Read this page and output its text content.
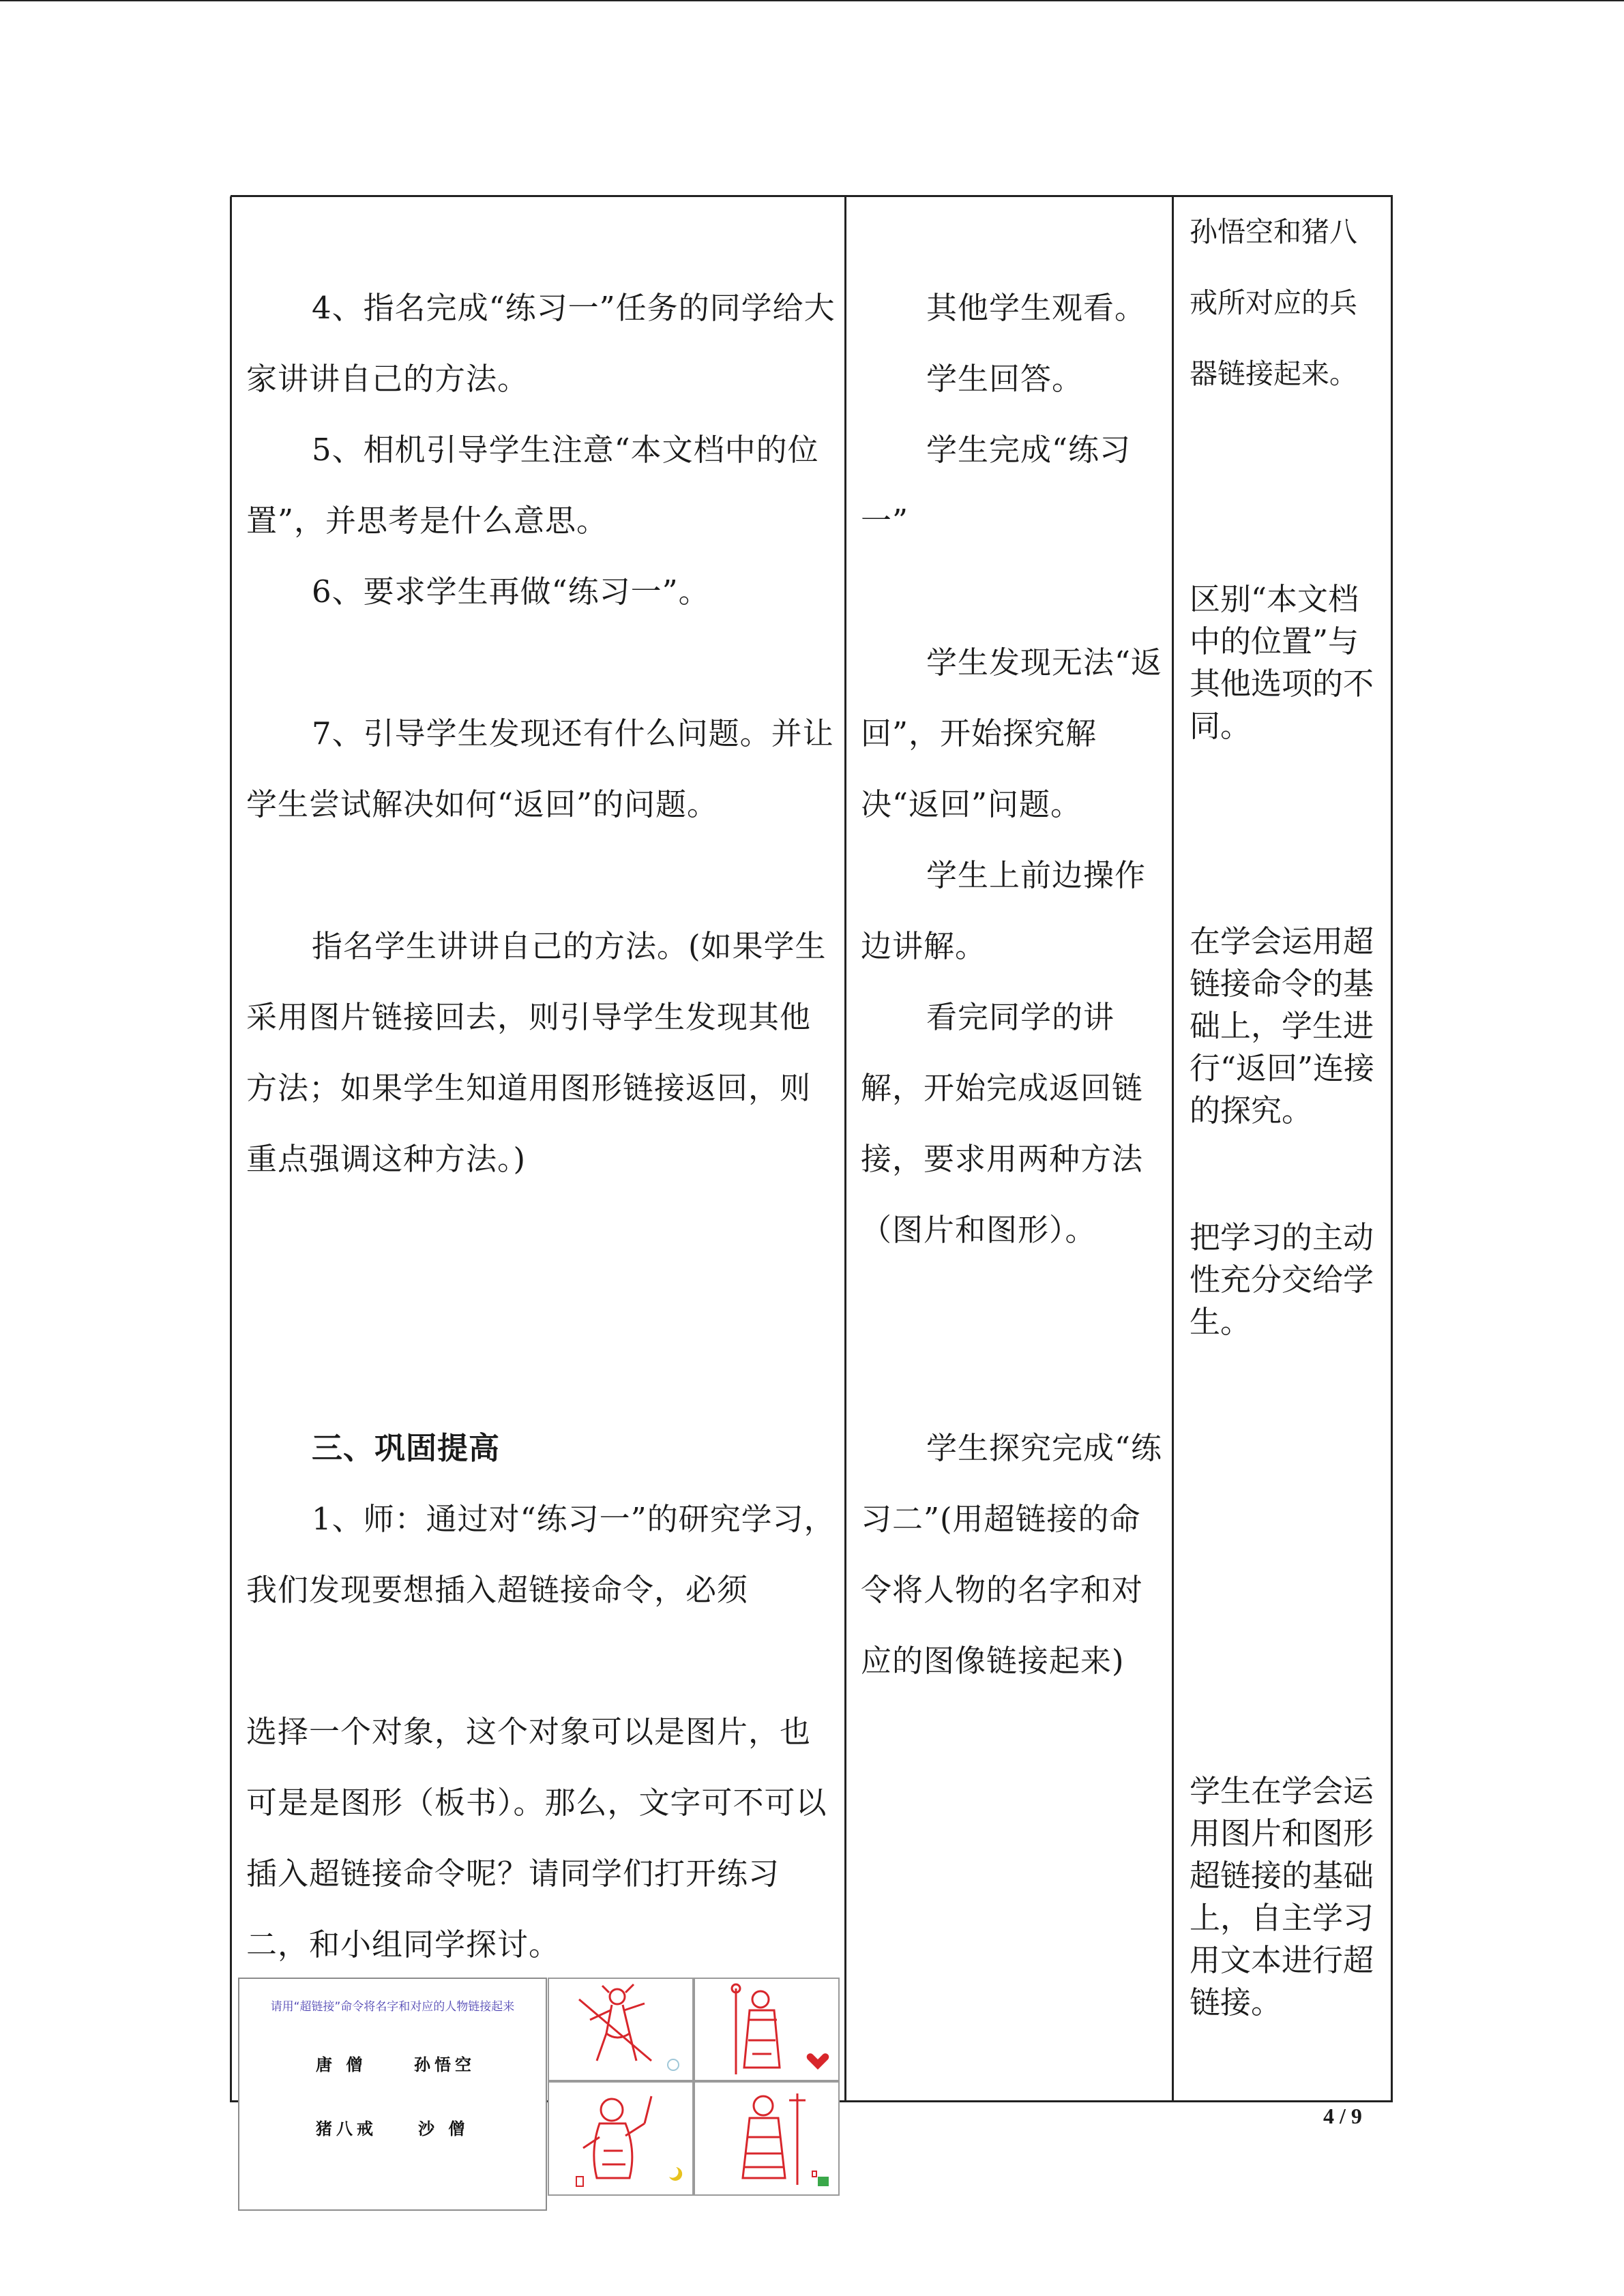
4、指名完成“练习一”任务的同学给大家讲讲自己的方法。

5、相机引导学生注意“本文档中的位置”，并思考是什么意思。

6、要求学生再做“练习一”。

7、引导学生发现还有什么问题。并让学生尝试解决如何“返回”的问题。

指名学生讲讲自己的方法。(如果学生采用图片链接回去，则引导学生发现其他方法；如果学生知道用图形链接返回，则重点强调这种方法。)

三、巩固提高

1、师：通过对“练习一”的研究学习，我们发现要想插入超链接命令，必须

选择一个对象，这个对象可以是图片，也可是是图形（板书）。那么，文字可不可以插入超链接命令呢？请同学们打开练习二，和小组同学探讨。

其他学生观看。

学生回答。

学生完成“练习一”

学生发现无法“返回”，开始探究解决“返回”问题。

学生上前边操作边讲解。

看完同学的讲解，开始完成返回链接，要求用两种方法（图片和图形）。

学生探究完成“练习二”(用超链接的命令将人物的名字和对应的图像链接起来)

孙悟空和猪八戒所对应的兵器链接起来。

区别“本文档中的位置”与其他选项的不同。

在学会运用超链接命令的基础上，学生进行“返回”连接的探究。

把学习的主动性充分交给学生。

学生在学会运用图片和图形超链接的基础上，自主学习用文本进行超链接。

请用“超链接”命令将名字和对应的人物链接起来
唐 僧	孙悟空
猪八戒	沙 僧
4 / 9
